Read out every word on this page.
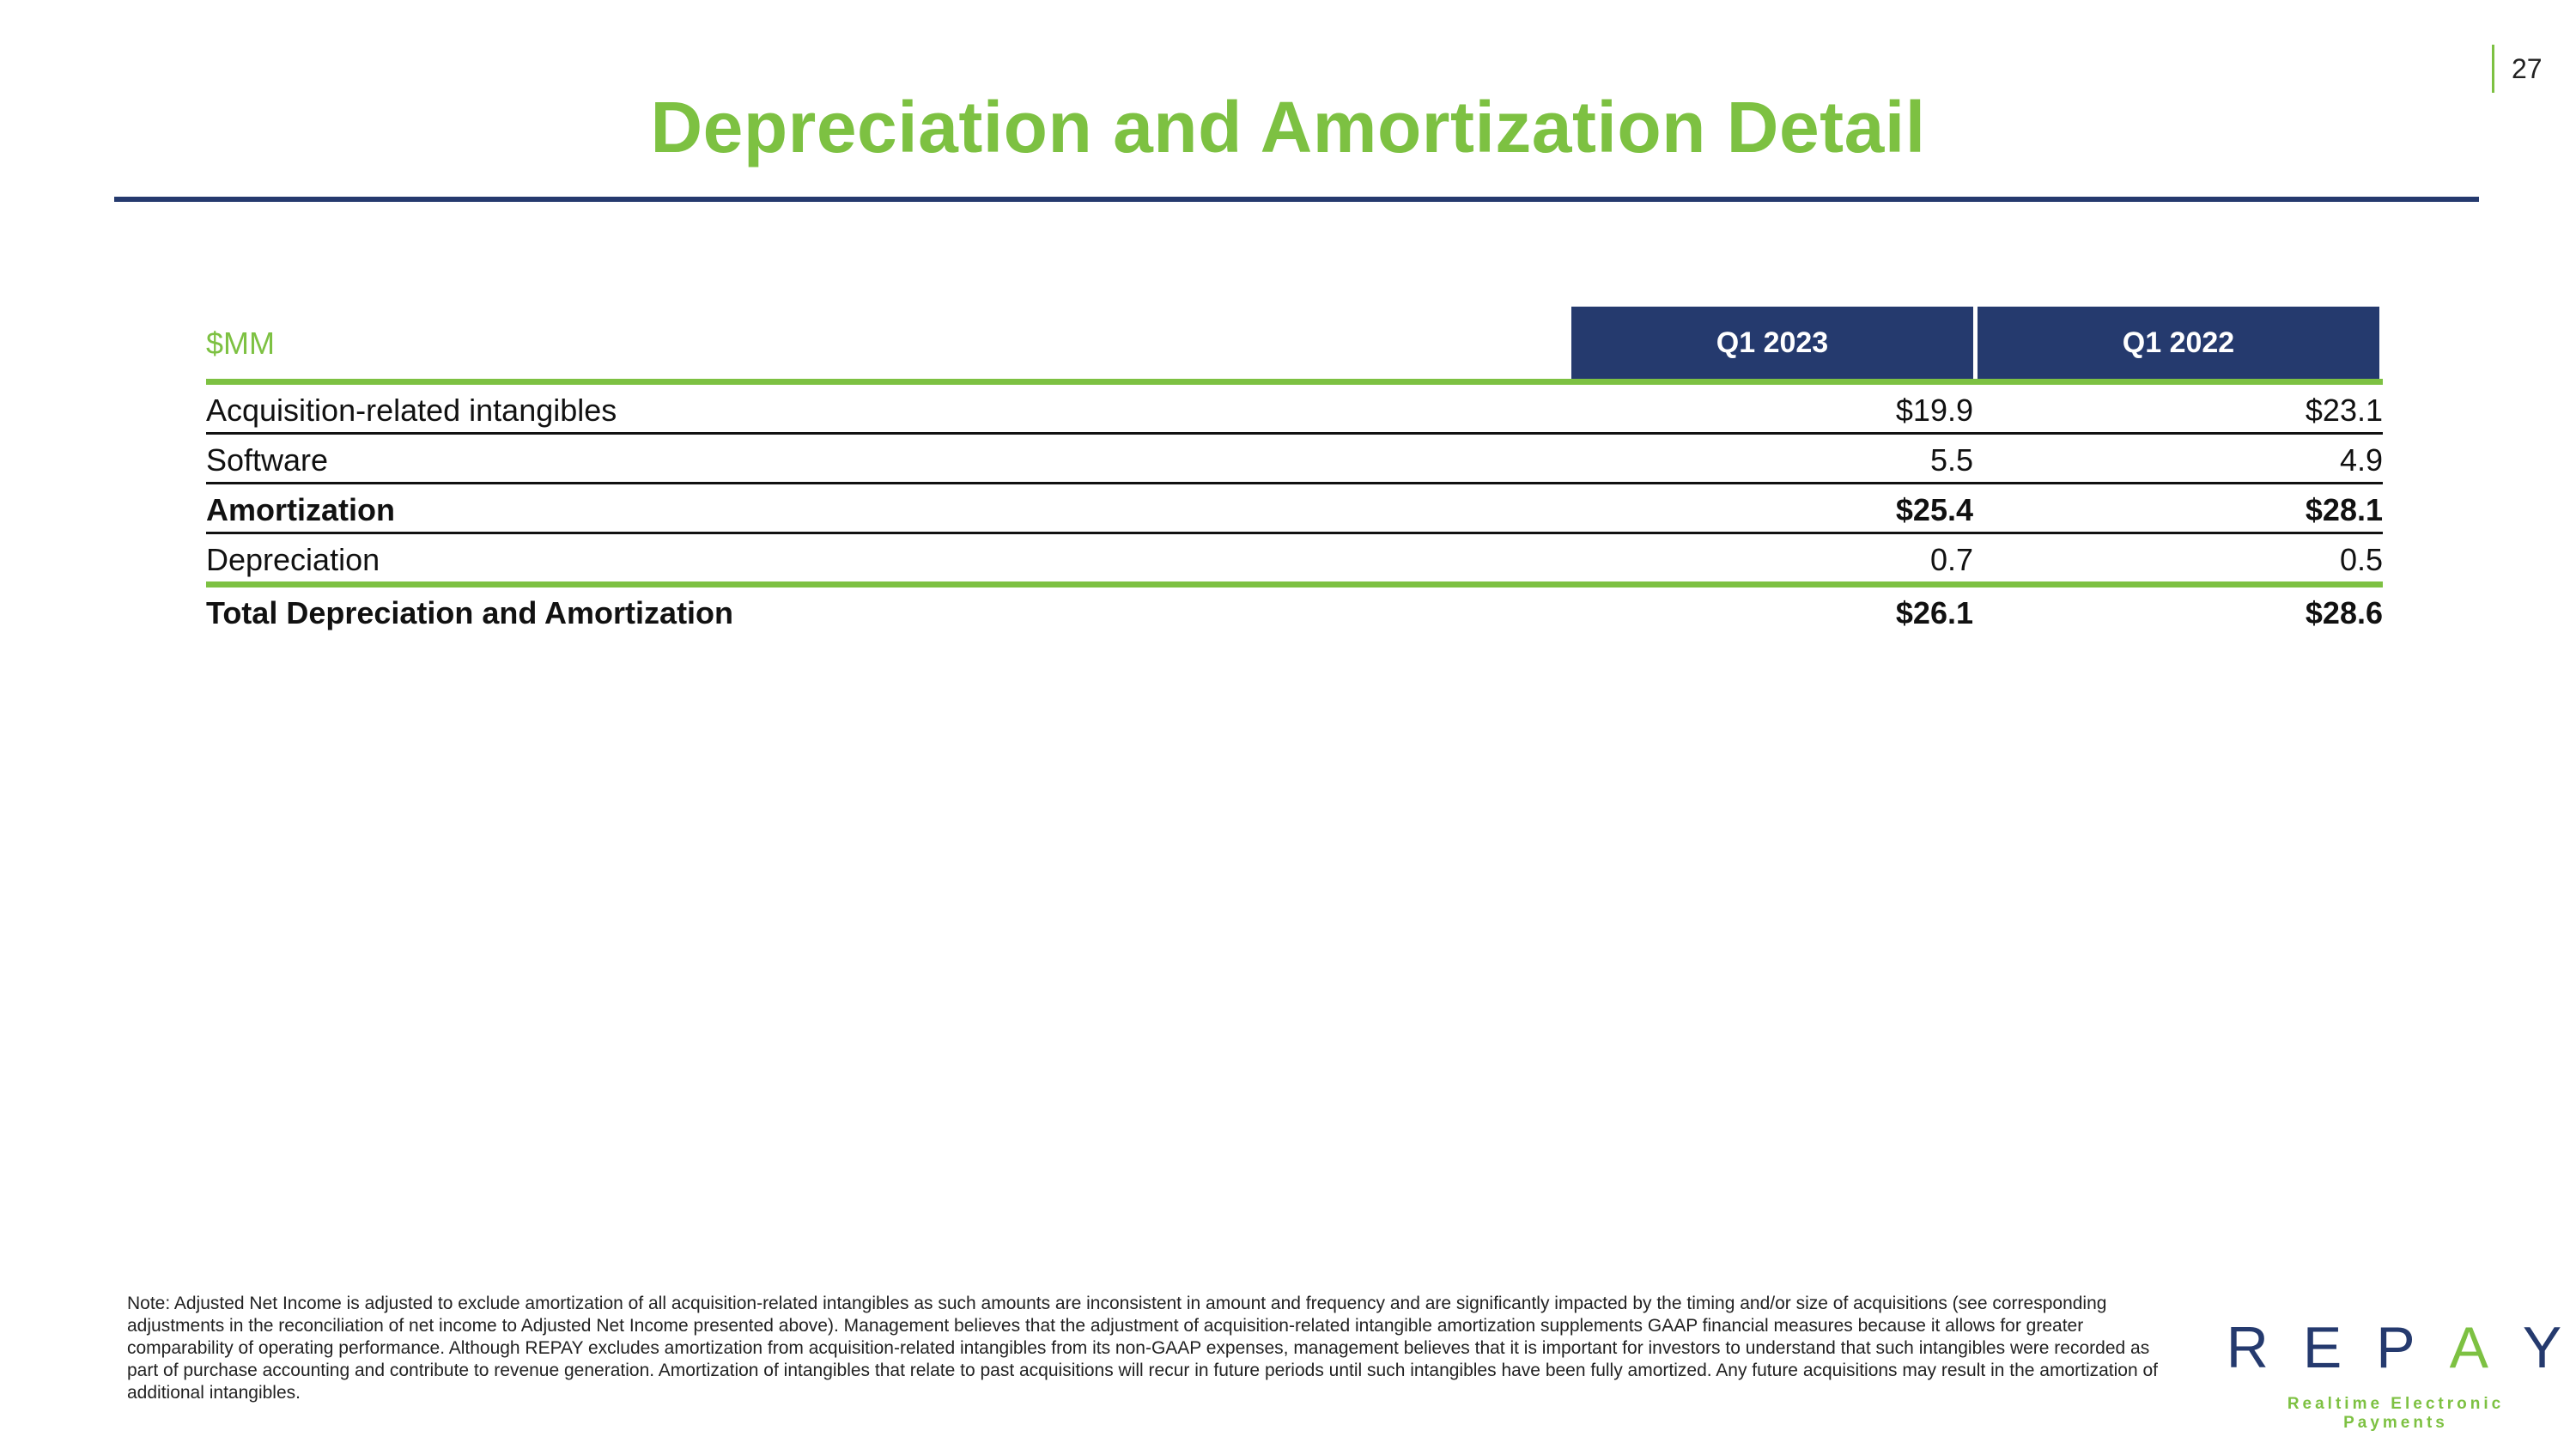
27
Depreciation and Amortization Detail
$MM	Q1 2023	Q1 2022
Acquisition-related intangibles	$19.9	$23.1
Software	5.5	4.9
Amortization	$25.4	$28.1
Depreciation	0.7	0.5
Total Depreciation and Amortization	$26.1	$28.6

Note: Adjusted Net Income is adjusted to exclude amortization of all acquisition-related intangibles as such amounts are inconsistent in amount and frequency and are significantly impacted by the timing and/or size of acquisitions (see corresponding adjustments in the reconciliation of net income to Adjusted Net Income presented above). Management believes that the adjustment of acquisition-related intangible amortization supplements GAAP financial measures because it allows for greater comparability of operating performance. Although REPAY excludes amortization from acquisition-related intangibles from its non-GAAP expenses, management believes that it is important for investors to understand that such intangibles were recorded as part of purchase accounting and contribute to revenue generation. Amortization of intangibles that relate to past acquisitions will recur in future periods until such intangibles have been fully amortized. Any future acquisitions may result in the amortization of additional intangibles.

R E P A Y
Realtime Electronic Payments
